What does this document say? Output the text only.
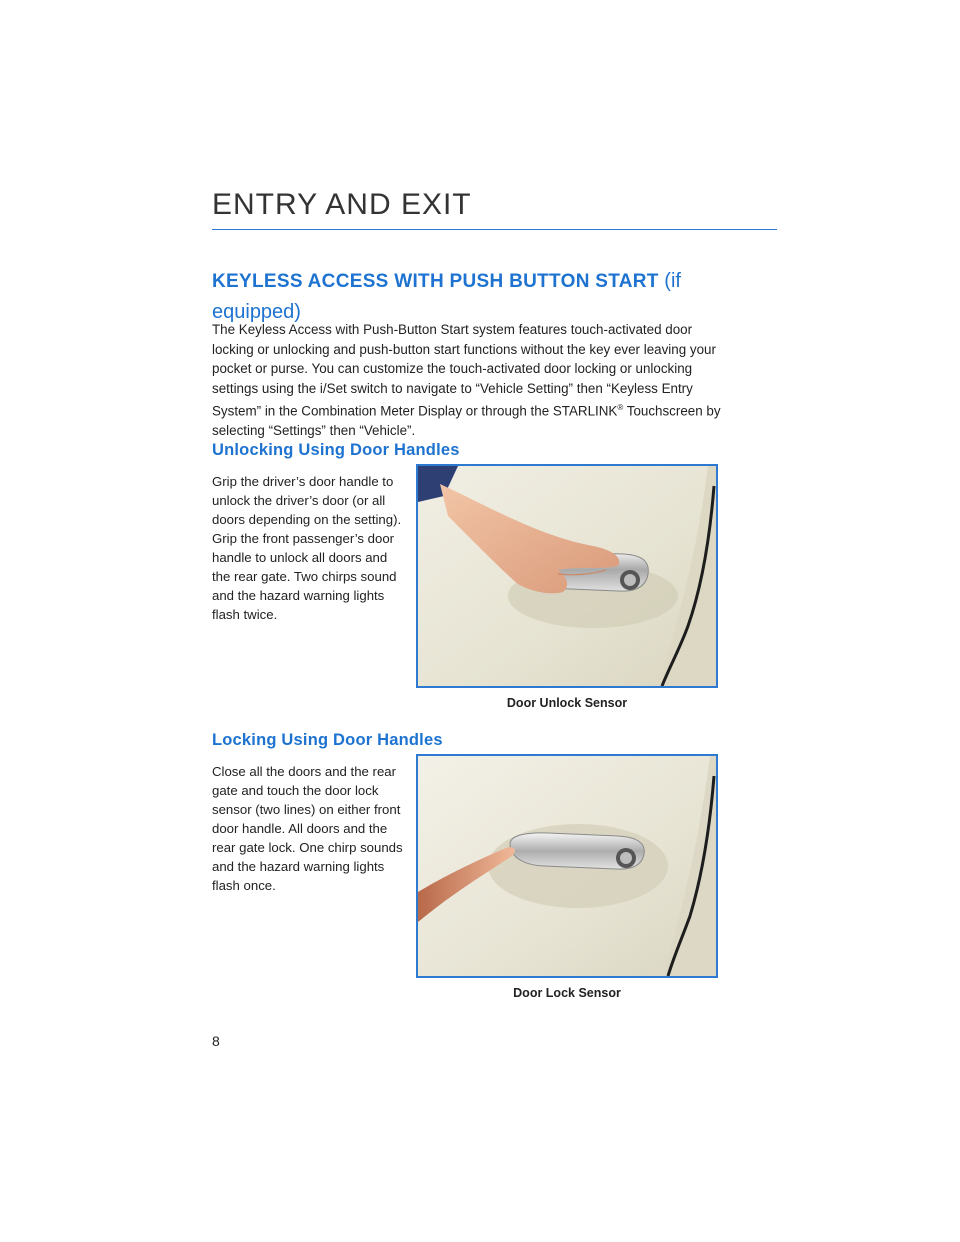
ENTRY AND EXIT
KEYLESS ACCESS WITH PUSH BUTTON START (if
equipped)
The Keyless Access with Push-Button Start system features touch-activated door locking or unlocking and push-button start functions without the key ever leaving your pocket or purse. You can customize the touch-activated door locking or unlocking settings using the i/Set switch to navigate to “Vehicle Setting” then “Keyless Entry System” in the Combination Meter Display or through the STARLINK® Touchscreen by selecting “Settings” then “Vehicle”.
Unlocking Using Door Handles
Grip the driver’s door handle to unlock the driver’s door (or all doors depending on the setting). Grip the front passenger’s door handle to unlock all doors and the rear gate. Two chirps sound and the hazard warning lights flash twice.
Door Unlock Sensor
Locking Using Door Handles
Close all the doors and the rear gate and touch the door lock sensor (two lines) on either front door handle. All doors and the rear gate lock. One chirp sounds and the hazard warning lights flash once.
Door Lock Sensor
8
